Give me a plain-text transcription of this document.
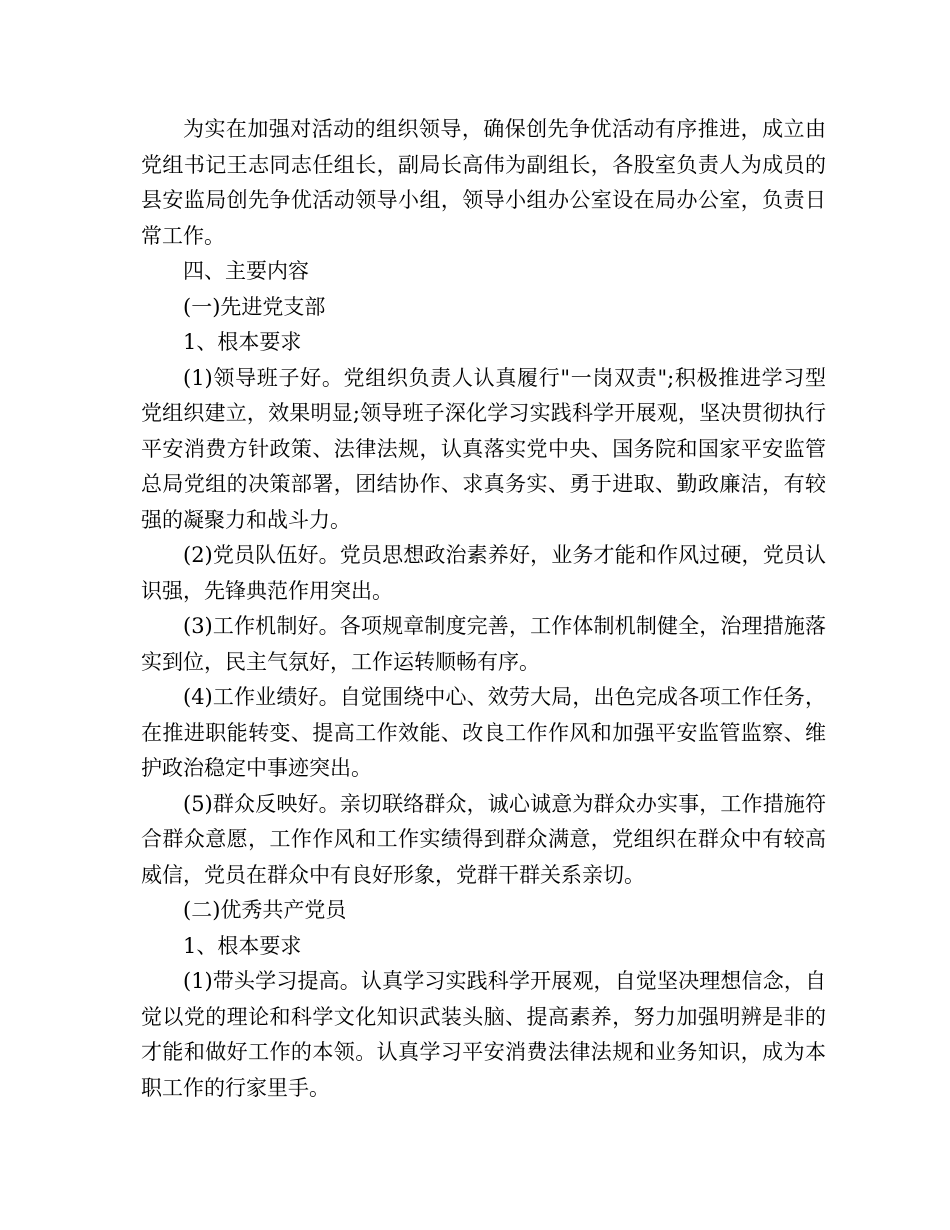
为实在加强对活动的组织领导，确保创先争优活动有序推进，成立由党组书记王志同志任组长，副局长高伟为副组长，各股室负责人为成员的县安监局创先争优活动领导小组，领导小组办公室设在局办公室，负责日常工作。

四、主要内容

(一)先进党支部

1、根本要求

(1)领导班子好。党组织负责人认真履行"一岗双责";积极推进学习型党组织建立，效果明显;领导班子深化学习实践科学开展观，坚决贯彻执行平安消费方针政策、法律法规，认真落实党中央、国务院和国家平安监管总局党组的决策部署，团结协作、求真务实、勇于进取、勤政廉洁，有较强的凝聚力和战斗力。

(2)党员队伍好。党员思想政治素养好，业务才能和作风过硬，党员认识强，先锋典范作用突出。

(3)工作机制好。各项规章制度完善，工作体制机制健全，治理措施落实到位，民主气氛好，工作运转顺畅有序。

(4)工作业绩好。自觉围绕中心、效劳大局，出色完成各项工作任务，在推进职能转变、提高工作效能、改良工作作风和加强平安监管监察、维护政治稳定中事迹突出。

(5)群众反映好。亲切联络群众，诚心诚意为群众办实事，工作措施符合群众意愿，工作作风和工作实绩得到群众满意，党组织在群众中有较高威信，党员在群众中有良好形象，党群干群关系亲切。

(二)优秀共产党员

1、根本要求

(1)带头学习提高。认真学习实践科学开展观，自觉坚决理想信念，自觉以党的理论和科学文化知识武装头脑、提高素养，努力加强明辨是非的才能和做好工作的本领。认真学习平安消费法律法规和业务知识，成为本职工作的行家里手。
